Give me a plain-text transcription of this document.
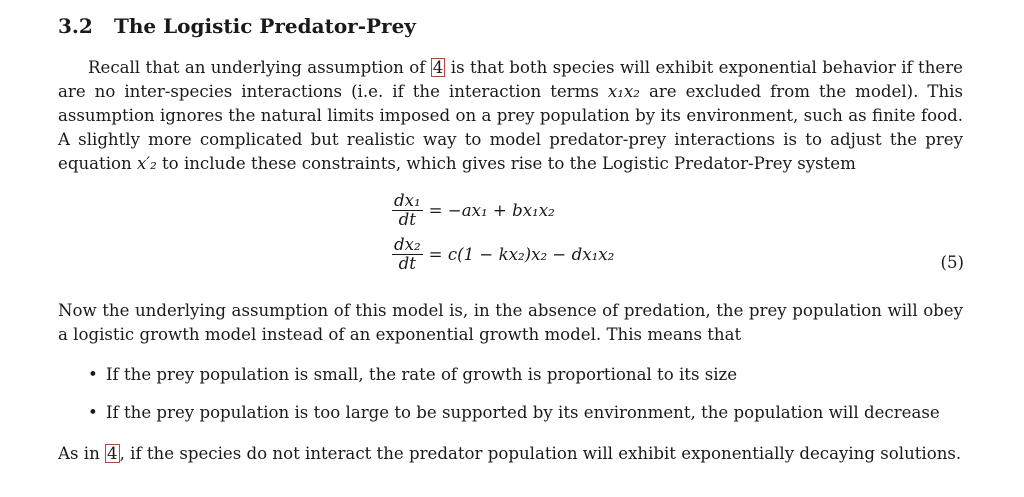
3.2 The Logistic Predator-Prey
Recall that an underlying assumption of 4 is that both species will exhibit exponential behavior if there are no inter-species interactions (i.e. if the interaction terms x₁x₂ are excluded from the model). This assumption ignores the natural limits imposed on a prey population by its environment, such as finite food. A slightly more complicated but realistic way to model predator-prey interactions is to adjust the prey equation x′₂ to include these constraints, which gives rise to the Logistic Predator-Prey system
$\frac{\text{dx₁}}{dt} = -ax_1 + bx_1x_2$
$\frac{\text{dx₂}}{dt} = c(1 - kx_2)x_2 - dx_1x_2$	(5)
Now the underlying assumption of this model is, in the absence of predation, the prey population will obey a logistic growth model instead of an exponential growth model. This means that
• If the prey population is small, the rate of growth is proportional to its size
• If the prey population is too large to be supported by its environment, the population will decrease
As in 4 , if the species do not interact the predator population will exhibit exponentially decaying solutions.
